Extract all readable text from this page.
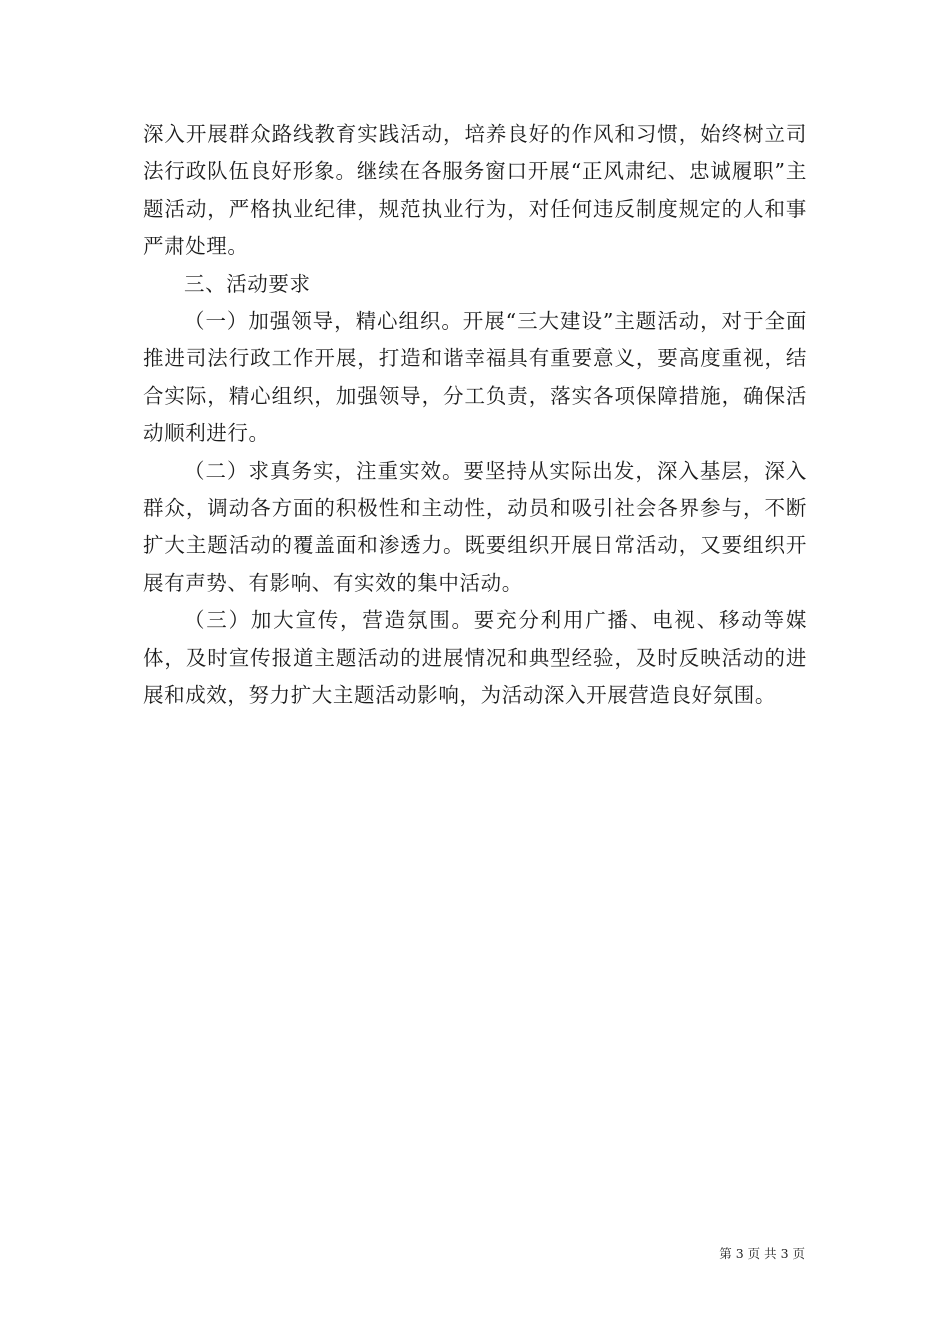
深入开展群众路线教育实践活动，培养良好的作风和习惯，始终树立司法行政队伍良好形象。继续在各服务窗口开展“正风肃纪、忠诚履职”主题活动，严格执业纪律，规范执业行为，对任何违反制度规定的人和事严肃处理。

三、活动要求

（一）加强领导，精心组织。开展“三大建设”主题活动，对于全面推进司法行政工作开展，打造和谐幸福具有重要意义，要高度重视，结合实际，精心组织，加强领导，分工负责，落实各项保障措施，确保活动顺利进行。

（二）求真务实，注重实效。要坚持从实际出发，深入基层，深入群众，调动各方面的积极性和主动性，动员和吸引社会各界参与，不断扩大主题活动的覆盖面和渗透力。既要组织开展日常活动，又要组织开展有声势、有影响、有实效的集中活动。

（三）加大宣传，营造氛围。要充分利用广播、电视、移动等媒体，及时宣传报道主题活动的进展情况和典型经验，及时反映活动的进展和成效，努力扩大主题活动影响，为活动深入开展营造良好氛围。

第 3 页 共 3 页
